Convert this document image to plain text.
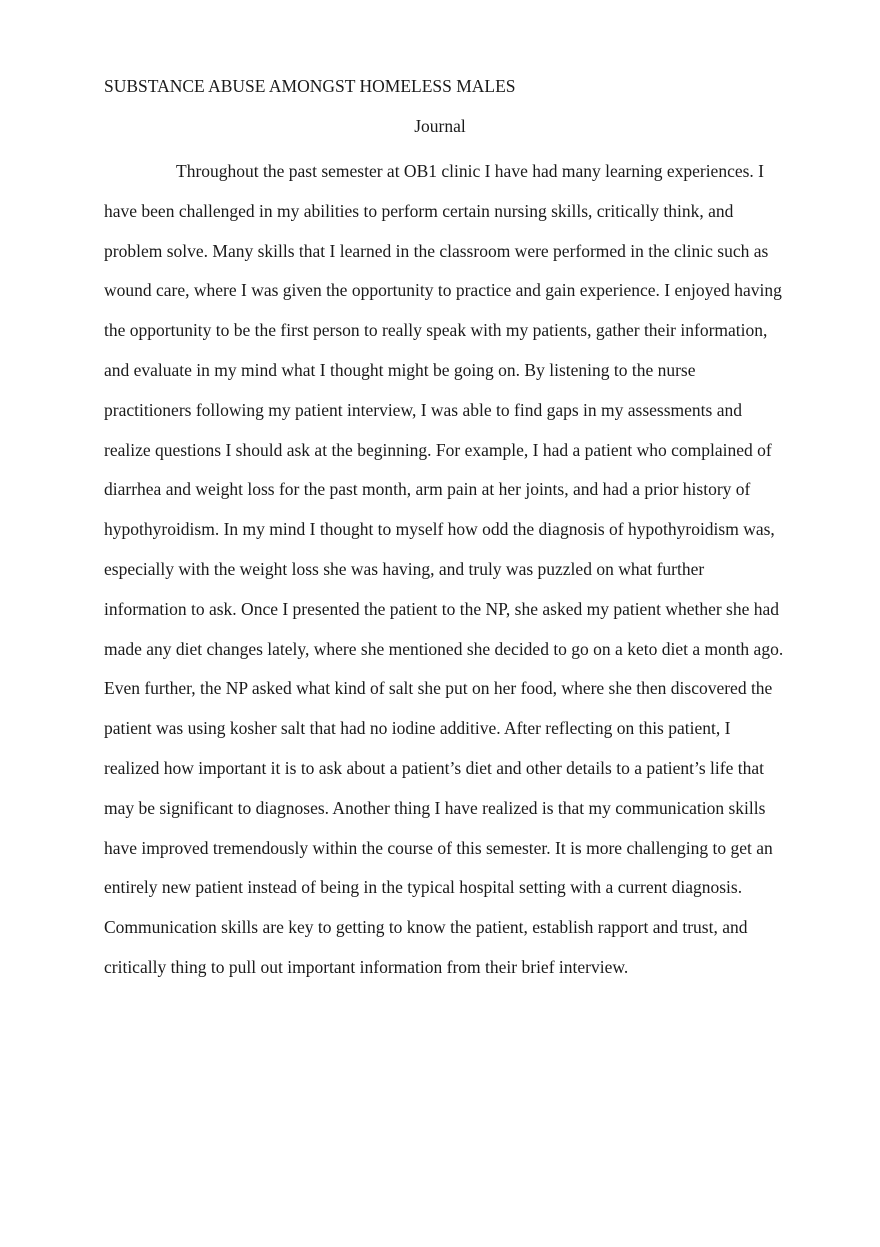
SUBSTANCE ABUSE AMONGST HOMELESS MALES
Journal
Throughout the past semester at OB1 clinic I have had many learning experiences. I
have been challenged in my abilities to perform certain nursing skills, critically think, and
problem solve. Many skills that I learned in the classroom were performed in the clinic such as
wound care, where I was given the opportunity to practice and gain experience. I enjoyed having
the opportunity to be the first person to really speak with my patients, gather their information,
and evaluate in my mind what I thought might be going on. By listening to the nurse
practitioners following my patient interview, I was able to find gaps in my assessments and
realize questions I should ask at the beginning. For example, I had a patient who complained of
diarrhea and weight loss for the past month, arm pain at her joints, and had a prior history of
hypothyroidism. In my mind I thought to myself how odd the diagnosis of hypothyroidism was,
especially with the weight loss she was having, and truly was puzzled on what further
information to ask. Once I presented the patient to the NP, she asked my patient whether she had
made any diet changes lately, where she mentioned she decided to go on a keto diet a month ago.
Even further, the NP asked what kind of salt she put on her food, where she then discovered the
patient was using kosher salt that had no iodine additive. After reflecting on this patient, I
realized how important it is to ask about a patient’s diet and other details to a patient’s life that
may be significant to diagnoses. Another thing I have realized is that my communication skills
have improved tremendously within the course of this semester. It is more challenging to get an
entirely new patient instead of being in the typical hospital setting with a current diagnosis.
Communication skills are key to getting to know the patient, establish rapport and trust, and
critically thing to pull out important information from their brief interview.
